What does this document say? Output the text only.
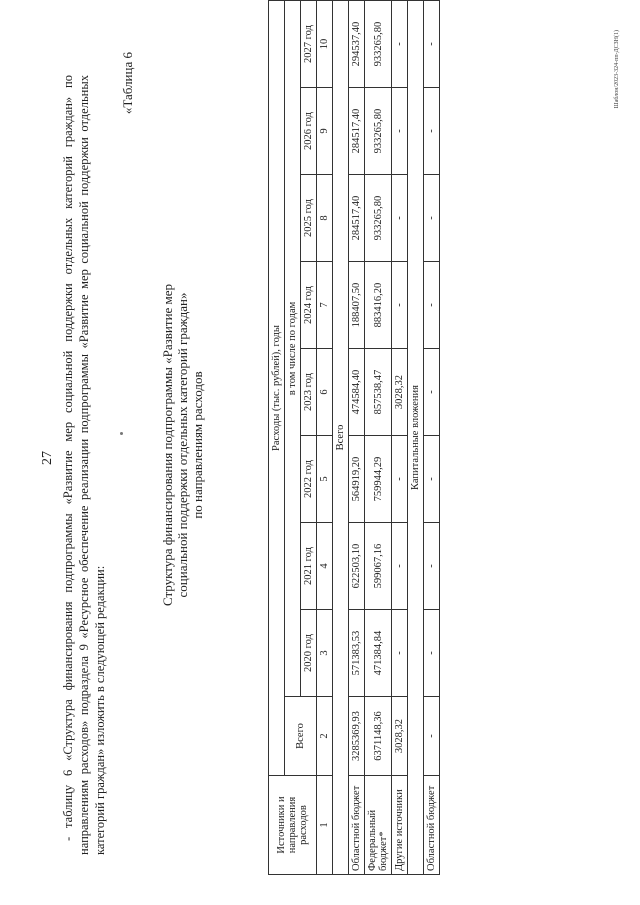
27 - таблицу 6 «Структура финансирования подпрограммы «Развитие мер социальной поддержки отдельных категорий граждан» по направлениям расходов» подраздела 9 «Ресурсное обеспечение реализации подпрограммы «Развитие мер социальной поддержки отдельных категорий граждан» изложить в следующей редакции:

«Таблица 6
Структура финансирования подпрограммы «Развитие мер социальной поддержки отдельных категорий граждан» по направлениям расходов
Источники и направления расходов	Расходы (тыс. рублей), годы								
	Всего	в том числе по годам							
		2020 год	2021 год	2022 год	2023 год	2024 год	2025 год	2026 год	2027 год
1	2	3	4	5	6	7	8	9	10
Всего									
Областной бюджет	3285369,93	571383,53	622503,10	564919,20	474584,40	188407,50	284517,40	284517,40	294537,40
Федеральный бюджет*	6371148,36	471384,84	599067,16	759944,29	857538,47	883416,20	933265,80	933265,80	933265,80
Другие источники	3028,32	-	-	-	3028,32	-	-	-	-
Капитальные вложения									
Областной бюджет	-	-	-	-	-	-	-	-	-	Шаблон/2023-324-пп-ДСЗН(1)
